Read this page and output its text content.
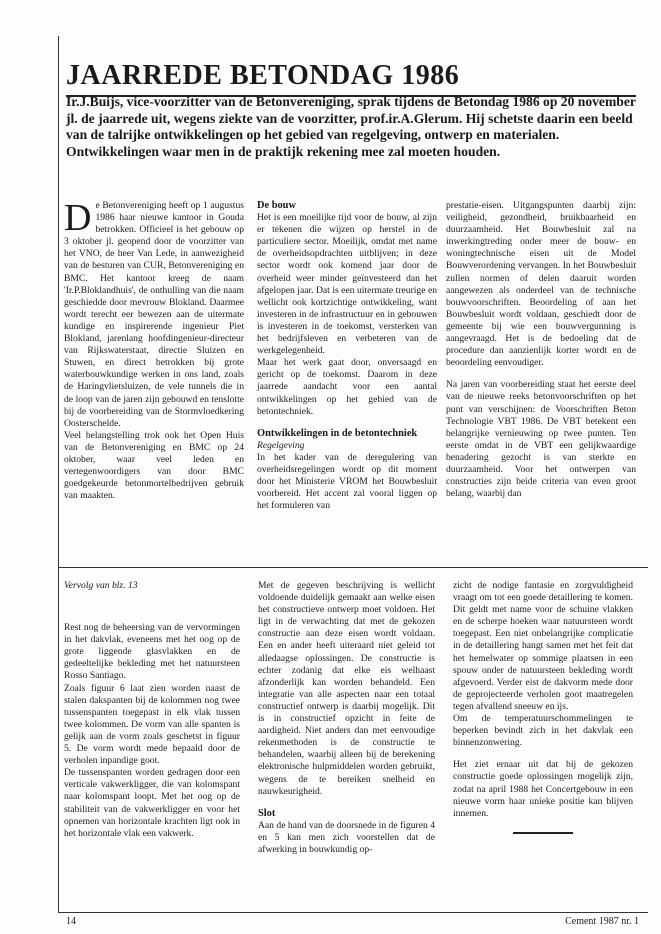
JAARREDE BETONDAG 1986
Ir.J.Buijs, vice-voorzitter van de Betonvereniging, sprak tijdens de Betondag 1986 op 20 november jl. de jaarrede uit, wegens ziekte van de voorzitter, prof.ir.A.Glerum. Hij schetste daarin een beeld van de talrijke ontwikkelingen op het gebied van regelgeving, ontwerp en materialen. Ontwikkelingen waar men in de praktijk rekening mee zal moeten houden.

De Betonvereniging heeft op 1 augustus 1986 haar nieuwe kantoor in Gouda betrokken. Officieel is het gebouw op 3 oktober jl. geopend door de voorzitter van het VNO, de heer Van Lede, in aanwezigheid van de besturen van CUR, Betonvereniging en BMC. Het kantoor kreeg de naam 'Ir.P.Bloklandhuis', de onthulling van die naam geschiedde door mevrouw Blokland. Daarmee wordt terecht eer bewezen aan de uitermate kundige en inspirerende ingenieur Piet Blokland, jarenlang hoofdingenieur-directeur van Rijkswaterstaat, directie Sluizen en Stuwen, en direct betrokken bij grote waterbouwkundige werken in ons land, zoals de Haringvlietsluizen, de vele tunnels die in de loop van de jaren zijn gebouwd en tenslotte bij de voorbereiding van de Stormvloedkering Oosterschelde.

Veel belangstelling trok ook het Open Huis van de Betonvereniging en BMC op 24 oktober, waar veel leden en vertegenwoordigers van door BMC goedgekeurde betonmortelbedrijven gebruik van maakten.

De bouw

Het is een moeilijke tijd voor de bouw, al zijn er tekenen die wijzen op herstel in de particuliere sector. Moeilijk, omdat met name de overheidsopdrachten uitblijven; in deze sector wordt ook komend jaar door de overheid weer minder geïnvesteerd dan het afgelopen jaar. Dat is een uitermate treurige en wellicht ook kortzichtige ontwikkeling, want investeren in de infrastructuur en in gebouwen is investeren in de toekomst, versterken van het bedrijfsleven en verbeteren van de werkgelegenheid.

Maar het werk gaat door, onversaagd en gericht op de toekomst. Daarom in deze jaarrede aandacht voor een aantal ontwikkelingen op het gebied van de betontechniek.

Ontwikkelingen in de betontechniek
Regelgeving

In het kader van de deregulering van overheidsregelingen wordt op dit moment door het Ministerie VROM het Bouwbesluit voorbereid. Het accent zal vooral liggen op het formuleren van

prestatie-eisen. Uitgangspunten daarbij zijn: veiligheid, gezondheid, bruikbaarheid en duurzaamheid. Het Bouwbesluit zal na inwerkingtreding onder meer de bouw- en woningtechnische eisen uit de Model Bouwverordening vervangen. In het Bouwbesluit zullen normen of delen daaruit worden aangewezen als onderdeel van de technische bouwvoorschriften. Beoordeling of aan het Bouwbesluit wordt voldaan, geschiedt door de gemeente bij wie een bouwvergunning is aangevraagd. Het is de bedoeling dat de procedure dan aanzienlijk korter wordt en de beoordeling eenvoudiger.

Na jaren van voorbereiding staat het eerste deel van de nieuwe reeks betonvoorschriften op het punt van verschijnen: de Voorschriften Beton Technologie VBT 1986. De VBT betekent een belangrijke vernieuwing op twee punten. Ten eerste omdat in de VBT een gelijkwaardige benadering gezocht is van sterkte en duurzaamheid. Voor het ontwerpen van constructies zijn beide criteria van even groot belang, waarbij dan

Vervolg van blz. 13

Rest nog de beheersing van de vervormingen in het dakvlak, eveneens met het oog op de grote liggende glasvlakken en de gedeeltelijke bekleding met het natuursteen Rosso Santiago.

Zoals figuur 6 laat zien worden naast de stalen dakspanten bij de kolommen nog twee tussenspanten toegepast in elk vlak tussen twee kolommen. De vorm van alle spanten is gelijk aan de vorm zoals geschetst in figuur 5. De vorm wordt mede bepaald door de verholen inpandige goot.

De tussenspanten worden gedragen door een verticale vakwerkligger, die van kolomspant naar kolomspant loopt. Met het oog op de stabiliteit van de vakwerkligger en voor het opnemen van horizontale krachten ligt ook in het horizontale vlak een vakwerk.

Met de gegeven beschrijving is wellicht voldoende duidelijk gemaakt aan welke eisen het constructieve ontwerp moet voldoen. Het ligt in de verwachting dat met de gekozen constructie aan deze eisen wordt voldaan. Een en ander heeft uiteraard niet geleid tot alledaagse oplossingen. De constructie is echter zodanig dat elke eis welhaast afzonderlijk kan worden behandeld. Een integratie van alle aspecten naar een totaal constructief ontwerp is daarbij mogelijk. Dit is in constructief opzicht in feite de aardigheid. Niet anders dan met eenvoudige rekenmethoden is de constructie te behandelen, waarbij alleen bij de berekening elektronische hulpmiddelen worden gebruikt, wegens de te bereiken snelheid en nauwkeurigheid.

Slot

Aan de hand van de doorsnede in de figuren 4 en 5 kan men zich voorstellen dat de afwerking in bouwkundig op-

zicht de nodige fantasie en zorgvuldigheid vraagt om tot een goede detaillering te komen. Dit geldt met name voor de schuine vlakken en de scherpe hoeken waar natuursteen wordt toegepast. Een niet onbelangrijke complicatie in de detaillering hangt samen met het feit dat het hemelwater op sommige plaatsen in een spouw onder de natuursteen bekleding wordt afgevoerd. Verder eist de dakvorm mede door de geprojecteerde verholen goot maatregelen tegen afvallend sneeuw en ijs.

Om de temperatuurschommelingen te beperken bevindt zich in het dakvlak een binnenzonwering.

Het ziet ernaar uit dat bij de gekozen constructie goede oplossingen mogelijk zijn, zodat na april 1988 het Concertgebouw in een nieuwe vorm haar unieke positie kan blijven innemen.

14	Cement 1987 nr. 1
